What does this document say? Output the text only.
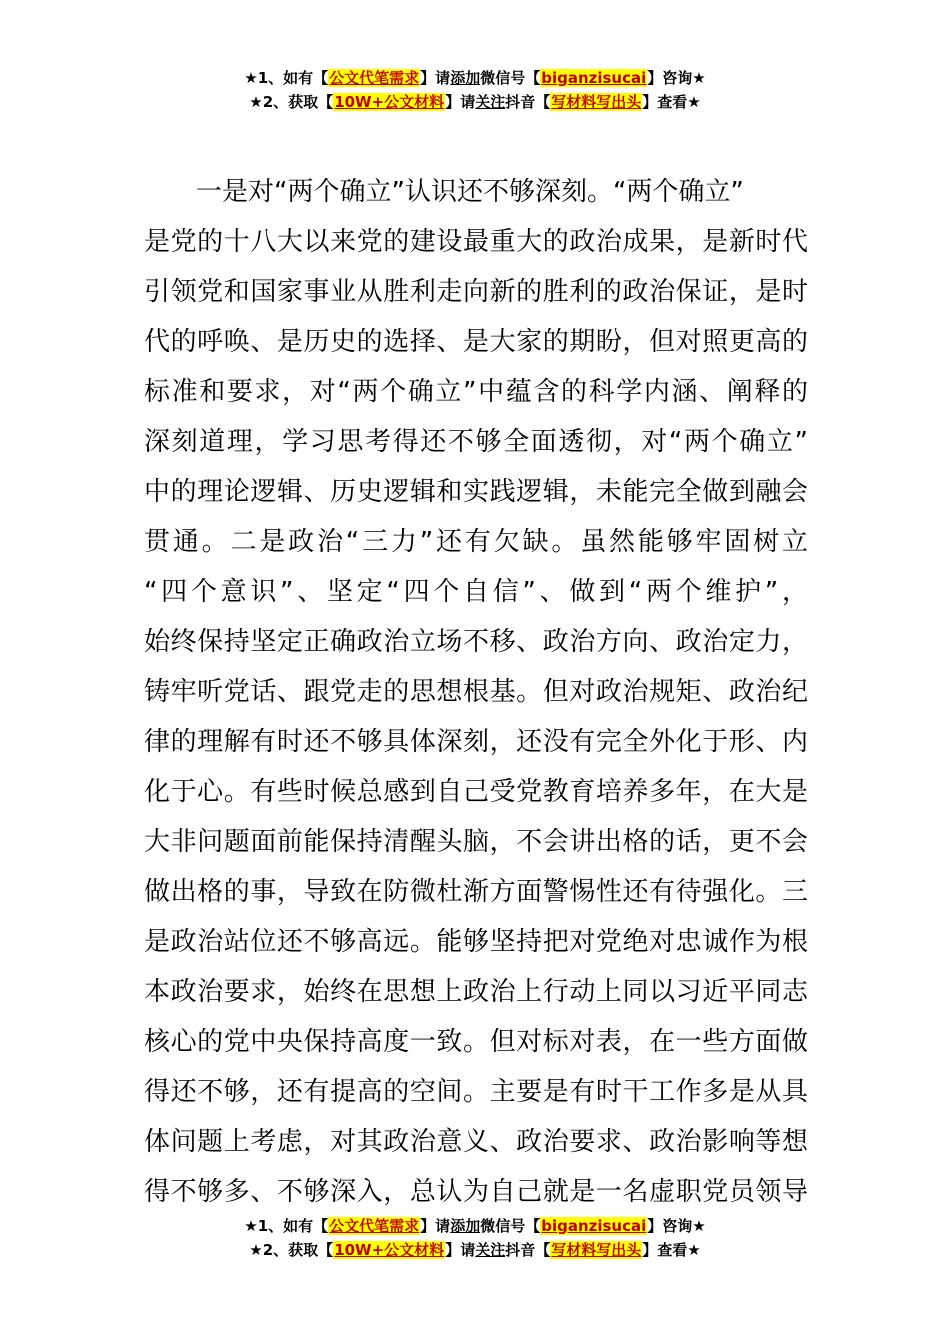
★1、如有【公文代笔需求】请添加微信号【biganzisucai】咨询★
★2、获取【10W+公文材料】请关注抖音【写材料写出头】查看★
一是对“两个确立”认识还不够深刻。“两个确立”
是党的十八大以来党的建设最重大的政治成果，是新时代
引领党和国家事业从胜利走向新的胜利的政治保证，是时
代的呼唤、是历史的选择、是大家的期盼，但对照更高的
标准和要求，对“两个确立”中蕴含的科学内涵、阐释的
深刻道理，学习思考得还不够全面透彻，对“两个确立”
中的理论逻辑、历史逻辑和实践逻辑，未能完全做到融会
贯通。二是政治“三力”还有欠缺。虽然能够牢固树立
“四个意识”、坚定“四个自信”、做到“两个维护”，
始终保持坚定正确政治立场不移、政治方向、政治定力，
铸牢听党话、跟党走的思想根基。但对政治规矩、政治纪
律的理解有时还不够具体深刻，还没有完全外化于形、内
化于心。有些时候总感到自己受党教育培养多年，在大是
大非问题面前能保持清醒头脑，不会讲出格的话，更不会
做出格的事，导致在防微杜渐方面警惕性还有待强化。三
是政治站位还不够高远。能够坚持把对党绝对忠诚作为根
本政治要求，始终在思想上政治上行动上同以习近平同志
核心的党中央保持高度一致。但对标对表，在一些方面做
得还不够，还有提高的空间。主要是有时干工作多是从具
体问题上考虑，对其政治意义、政治要求、政治影响等想
得不够多、不够深入，总认为自己就是一名虚职党员领导
★1、如有【公文代笔需求】请添加微信号【biganzisucai】咨询★
★2、获取【10W+公文材料】请关注抖音【写材料写出头】查看★
